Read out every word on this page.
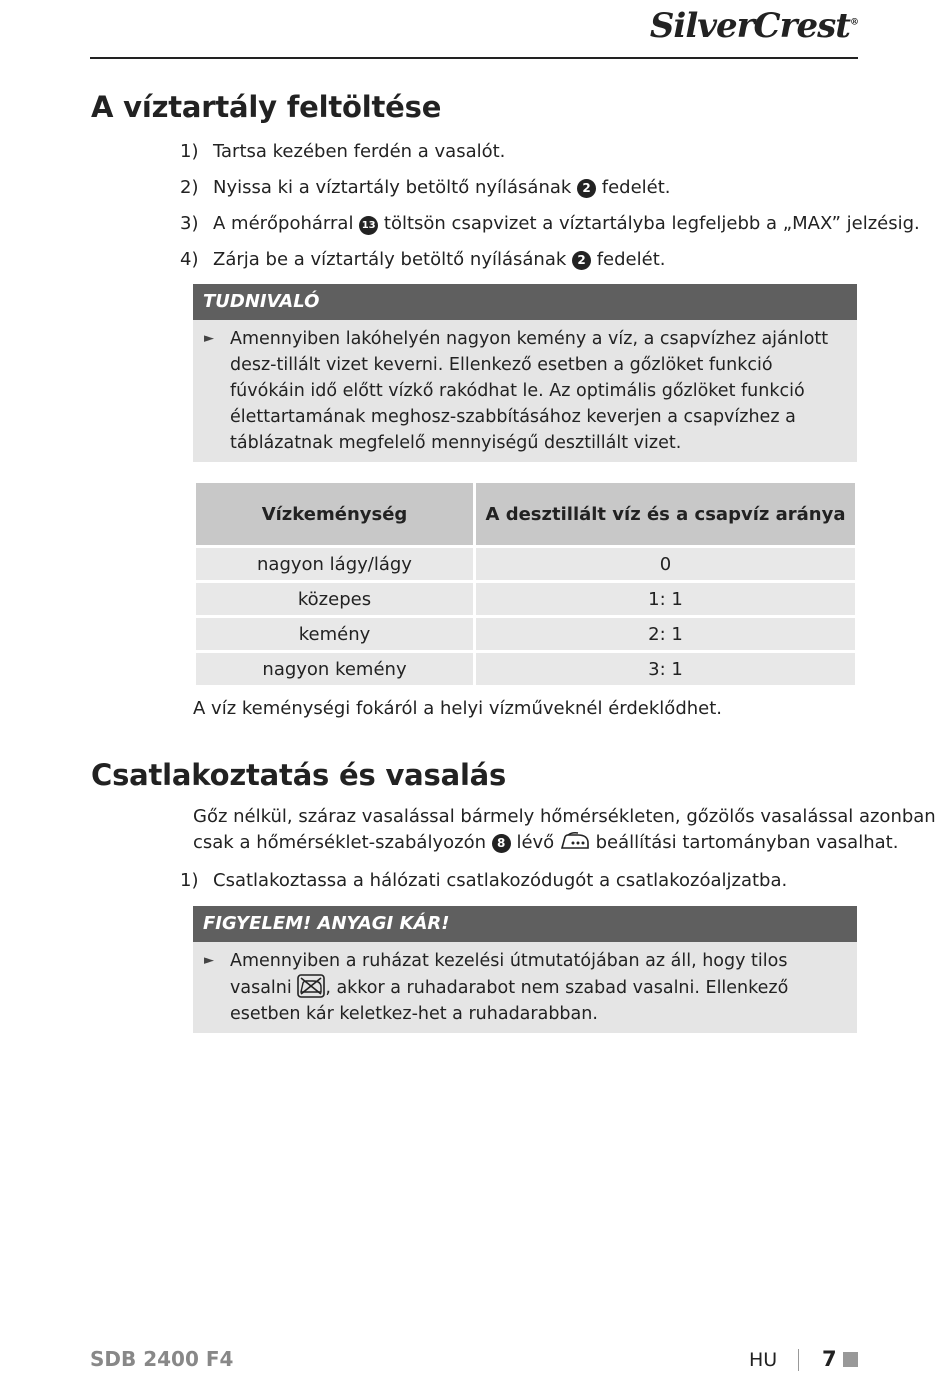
SilverCrest®
A víztartály feltöltése
1) Tartsa kezében ferdén a vasalót.
2) Nyissa ki a víztartály betöltő nyílásának 2 fedelét.
3) A mérőpohárral 13 töltsön csapvizet a víztartályba legfeljebb a „MAX” jelzésig.
4) Zárja be a víztartály betöltő nyílásának 2 fedelét.
TUDNIVALÓ
► Amennyiben lakóhelyén nagyon kemény a víz, a csapvízhez ajánlott desz-tillált vizet keverni. Ellenkező esetben a gőzlöket funkció fúvókáin idő előtt vízkő rakódhat le. Az optimális gőzlöket funkció élettartamának meghosz-szabbításához keverjen a csapvízhez a táblázatnak megfelelő mennyiségű desztillált vizet.
Vízkeménység	A desztillált víz és a csapvíz aránya
nagyon lágy/lágy	0
közepes	1: 1
kemény	2: 1
nagyon kemény	3: 1
A víz keménységi fokáról a helyi vízműveknél érdeklődhet.
Csatlakoztatás és vasalás
Gőz nélkül, száraz vasalással bármely hőmérsékleten, gőzölős vasalással azonban
csak a hőmérséklet-szabályozón 8 lévő  beállítási tartományban vasalhat.
1) Csatlakoztassa a hálózati csatlakozódugót a csatlakozóaljzatba.
FIGYELEM! ANYAGI KÁR!
► Amennyiben a ruházat kezelési útmutatójában az áll, hogy tilos vasalni , akkor a ruhadarabot nem szabad vasalni. Ellenkező esetben kár keletkez-het a ruhadarabban.
SDB 2400 F4	HU 7
